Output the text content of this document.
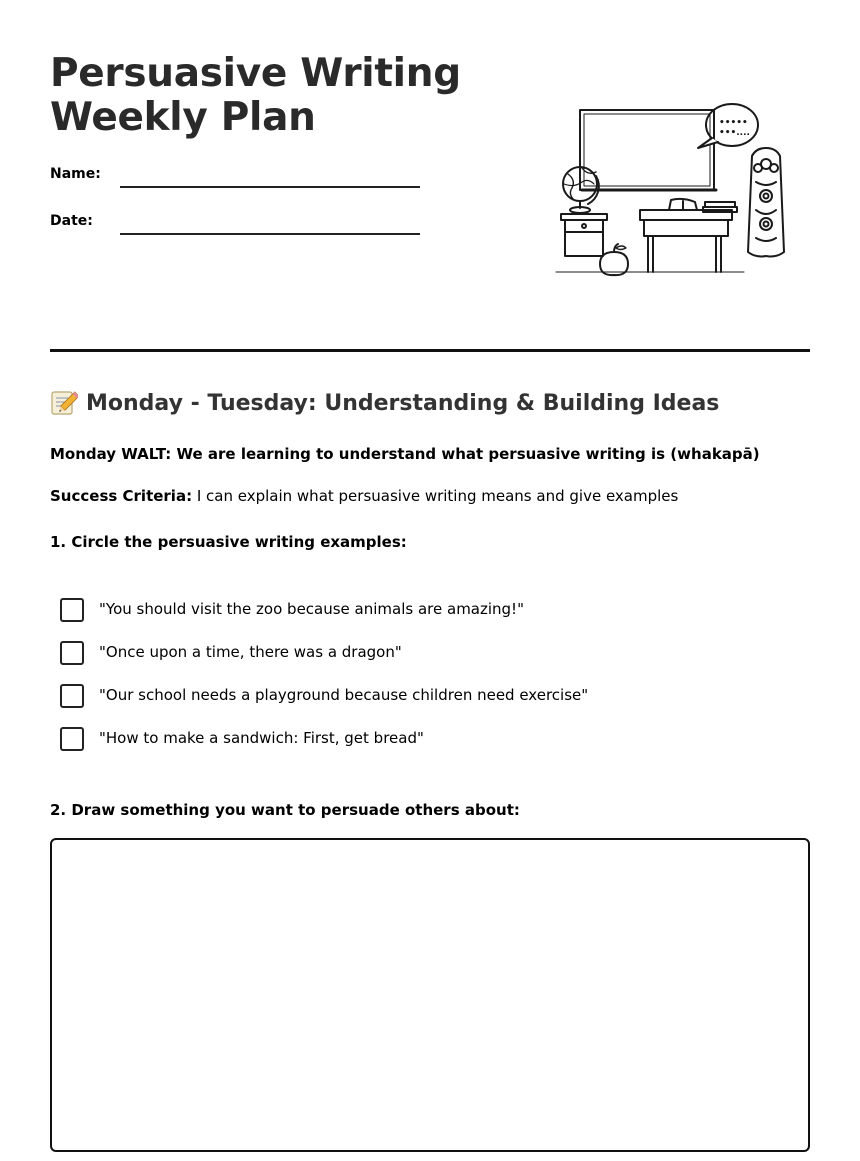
Persuasive Writing
Weekly Plan
Name:
Date:
•••••
•••....
Monday - Tuesday: Understanding & Building Ideas
Monday WALT: We are learning to understand what persuasive writing is (whakapā)
Success Criteria: I can explain what persuasive writing means and give examples
1. Circle the persuasive writing examples:
"You should visit the zoo because animals are amazing!"
"Once upon a time, there was a dragon"
"Our school needs a playground because children need exercise"
"How to make a sandwich: First, get bread"
2. Draw something you want to persuade others about:
